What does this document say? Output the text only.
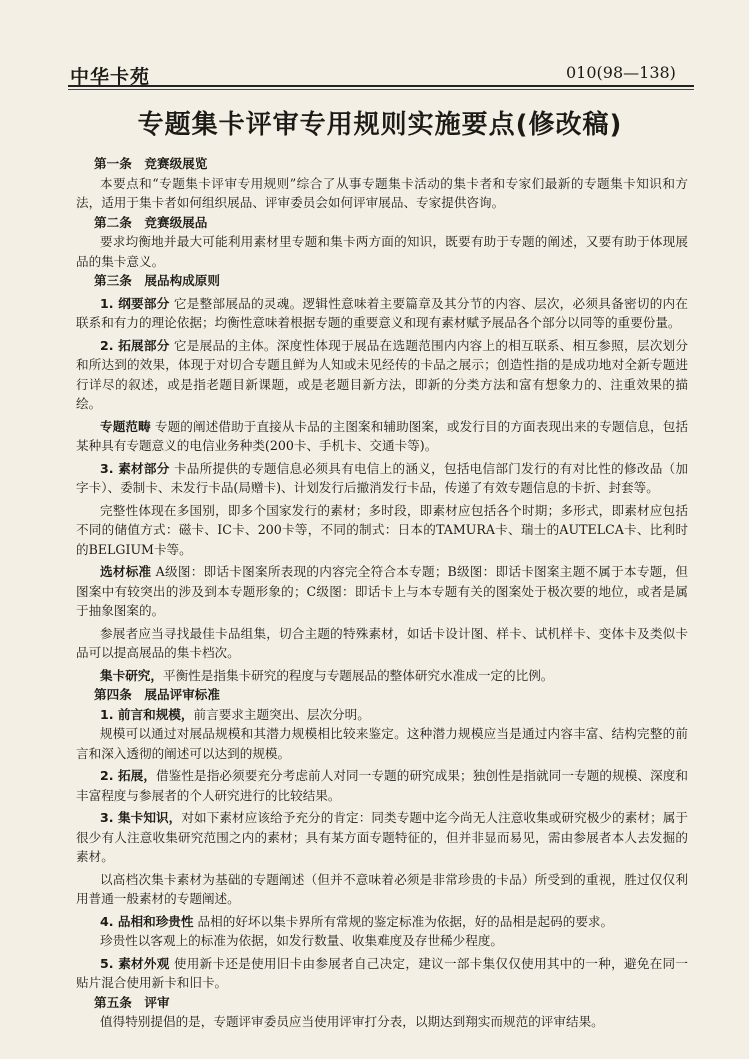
中华卡苑	010(98—138)
专题集卡评审专用规则实施要点(修改稿)

第一条　竞赛级展览

本要点和“专题集卡评审专用规则”综合了从事专题集卡活动的集卡者和专家们最新的专题集卡知识和方法，适用于集卡者如何组织展品、评审委员会如何评审展品、专家提供咨询。

第二条　竞赛级展品

要求均衡地并最大可能利用素材里专题和集卡两方面的知识，既要有助于专题的阐述，又要有助于体现展品的集卡意义。

第三条　展品构成原则

1. 纲要部分 它是整部展品的灵魂。逻辑性意味着主要篇章及其分节的内容、层次，必须具备密切的内在联系和有力的理论依据；均衡性意味着根据专题的重要意义和现有素材赋予展品各个部分以同等的重要份量。

2. 拓展部分 它是展品的主体。深度性体现于展品在选题范围内内容上的相互联系、相互参照，层次划分和所达到的效果，体现于对切合专题且鲜为人知或未见经传的卡品之展示；创造性指的是成功地对全新专题进行详尽的叙述，或是指老题目新课题，或是老题目新方法，即新的分类方法和富有想象力的、注重效果的描绘。

专题范畴 专题的阐述借助于直接从卡品的主图案和辅助图案，或发行目的方面表现出来的专题信息，包括某种具有专题意义的电信业务种类(200卡、手机卡、交通卡等)。

3. 素材部分 卡品所提供的专题信息必须具有电信上的涵义，包括电信部门发行的有对比性的修改品（加字卡）、委制卡、未发行卡品(局赠卡)、计划发行后撤消发行卡品，传递了有效专题信息的卡折、封套等。

完整性体现在多国别，即多个国家发行的素材；多时段，即素材应包括各个时期；多形式，即素材应包括不同的储值方式：磁卡、IC卡、200卡等，不同的制式：日本的TAMURA卡、瑞士的AUTELCA卡、比利时的BELGIUM卡等。

选材标准 A级图：即话卡图案所表现的内容完全符合本专题；B级图：即话卡图案主题不属于本专题，但图案中有较突出的涉及到本专题形象的；C级图：即话卡上与本专题有关的图案处于极次要的地位，或者是属于抽象图案的。

参展者应当寻找最佳卡品组集，切合主题的特殊素材，如话卡设计图、样卡、试机样卡、变体卡及类似卡品可以提高展品的集卡档次。

集卡研究，平衡性是指集卡研究的程度与专题展品的整体研究水准成一定的比例。

第四条　展品评审标准

1. 前言和规模，前言要求主题突出、层次分明。

规模可以通过对展品规模和其潜力规模相比较来鉴定。这种潜力规模应当是通过内容丰富、结构完整的前言和深入透彻的阐述可以达到的规模。

2. 拓展，借鉴性是指必须要充分考虑前人对同一专题的研究成果；独创性是指就同一专题的规模、深度和丰富程度与参展者的个人研究进行的比较结果。

3. 集卡知识，对如下素材应该给予充分的肯定：同类专题中迄今尚无人注意收集或研究极少的素材；属于很少有人注意收集研究范围之内的素材；具有某方面专题特征的，但并非显而易见，需由参展者本人去发掘的素材。

以高档次集卡素材为基础的专题阐述（但并不意味着必须是非常珍贵的卡品）所受到的重视，胜过仅仅利用普通一般素材的专题阐述。

4. 品相和珍贵性 品相的好坏以集卡界所有常规的鉴定标准为依据，好的品相是起码的要求。

珍贵性以客观上的标准为依据，如发行数量、收集难度及存世稀少程度。

5. 素材外观 使用新卡还是使用旧卡由参展者自己决定，建议一部卡集仅仅使用其中的一种，避免在同一贴片混合使用新卡和旧卡。

第五条　评审

值得特别提倡的是，专题评审委员应当使用评审打分表，以期达到翔实而规范的评审结果。
